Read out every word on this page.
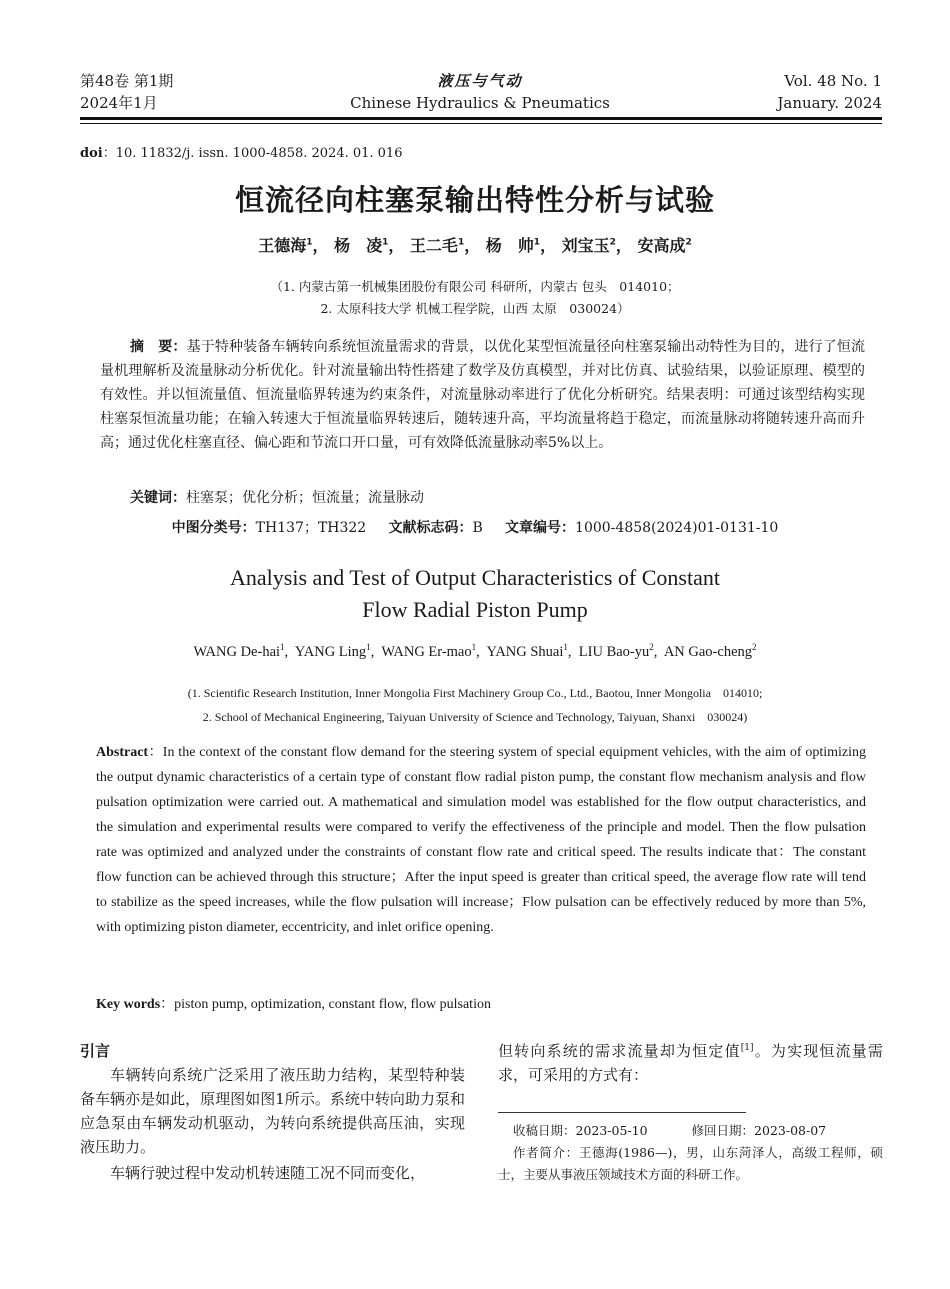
第48卷 第1期
2024年1月
液压与气动
Chinese Hydraulics & Pneumatics
Vol. 48 No. 1
January. 2024
doi：10. 11832/j. issn. 1000-4858. 2024. 01. 016
恒流径向柱塞泵输出特性分析与试验
王德海$^1$， 杨　凌$^1$， 王二毛$^1$， 杨　帅$^1$， 刘宝玉$^2$， 安高成$^2$
（1. 内蒙古第一机械集团股份有限公司 科研所，内蒙古 包头　014010；
2. 太原科技大学 机械工程学院，山西 太原　030024）
摘　要：基于特种装备车辆转向系统恒流量需求的背景，以优化某型恒流量径向柱塞泵输出动特性为目的，进行了恒流量机理解析及流量脉动分析优化。针对流量输出特性搭建了数学及仿真模型，并对比仿真、试验结果，以验证原理、模型的有效性。并以恒流量值、恒流量临界转速为约束条件，对流量脉动率进行了优化分析研究。结果表明：可通过该型结构实现柱塞泵恒流量功能；在输入转速大于恒流量临界转速后，随转速升高，平均流量将趋于稳定，而流量脉动将随转速升高而升高；通过优化柱塞直径、偏心距和节流口开口量，可有效降低流量脉动率5%以上。
关键词：柱塞泵；优化分析；恒流量；流量脉动
中图分类号：TH137；TH322 文献标志码：B 文章编号：1000-4858(2024)01-0131-10
Analysis and Test of Output Characteristics of Constant
Flow Radial Piston Pump
WANG De-hai$^1$,  YANG Ling$^1$,  WANG Er-mao$^1$,  YANG Shuai$^1$,  LIU Bao-$yu^2$,  AN Gao-cheng$^2$
(1. Scientific Research Institution, Inner Mongolia First Machinery Group Co., Ltd., Baotou, Inner Mongolia　014010;
2. School of Mechanical Engineering, Taiyuan University of Science and Technology, Taiyuan, Shanxi　030024)
Abstract：In the context of the constant flow demand for the steering system of special equipment vehicles, with the aim of optimizing the output dynamic characteristics of a certain type of constant flow radial piston pump, the constant flow mechanism analysis and flow pulsation optimization were carried out. A mathematical and simulation model was established for the flow output characteristics, and the simulation and experimental results were compared to verify the effectiveness of the principle and model. Then the flow pulsation rate was optimized and analyzed under the constraints of constant flow rate and critical speed. The results indicate that：The constant flow function can be achieved through this structure；After the input speed is greater than critical speed, the average flow rate will tend to stabilize as the speed increases, while the flow pulsation will increase；Flow pulsation can be effectively reduced by more than 5%, with optimizing piston diameter, eccentricity, and inlet orifice opening.
Key words：piston pump, optimization, constant flow, flow pulsation
引言
车辆转向系统广泛采用了液压助力结构，某型特种装备车辆亦是如此，原理图如图1所示。系统中转向助力泵和应急泵由车辆发动机驱动，为转向系统提供高压油，实现液压助力。
车辆行驶过程中发动机转速随工况不同而变化，
但转向系统的需求流量却为恒定值[1]。为实现恒流量需求，可采用的方式有：
收稿日期：2023-05-10	修回日期：2023-08-07
作者简介：王德海(1986—)，男，山东菏泽人，高级工程师，硕士，主要从事液压领域技术方面的科研工作。
